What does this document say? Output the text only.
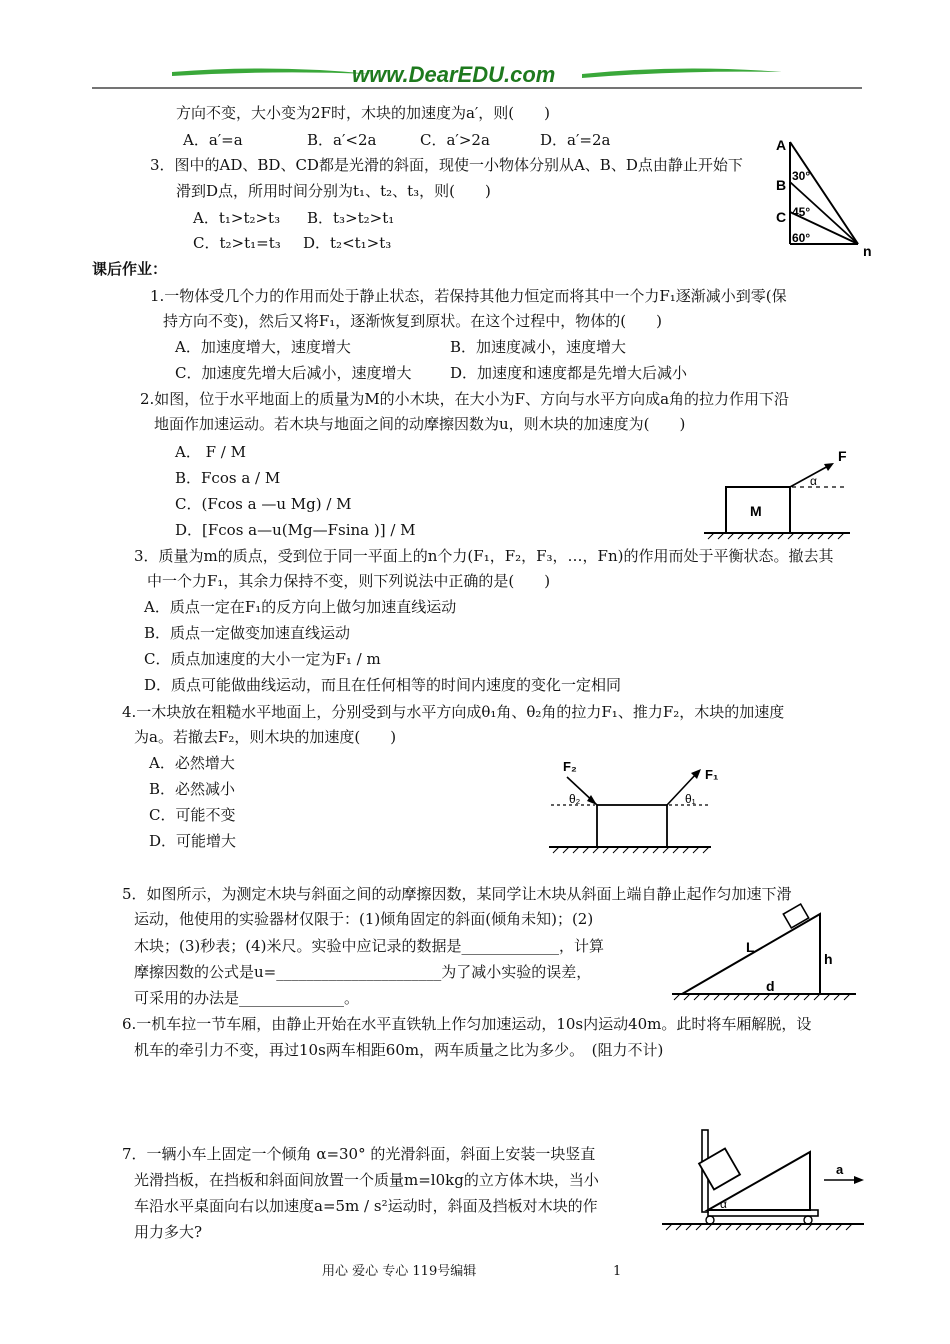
www.DearEDU.com
方向不变，大小变为2F时，木块的加速度为a′，则(　　)
A．a′=a	B．a′<2a	C．a′>2a	D．a′=2a
3．图中的AD、BD、CD都是光滑的斜面，现使一小物体分别从A、B、D点由静止开始下
滑到D点，所用时间分别为t₁、t₂、t₃，则(　　)
A．t₁>t₂>t₃ B．t₃>t₂>t₁
C．t₂>t₁=t₃ D．t₂<t₁>t₃
A
B
C
n
30°
45°
60°
课后作业：
1.一物体受几个力的作用而处于静止状态，若保持其他力恒定而将其中一个力F₁逐渐减小到零(保
持方向不变)，然后又将F₁，逐渐恢复到原状。在这个过程中，物体的(　　)
A．加速度增大，速度增大	B．加速度减小，速度增大
C．加速度先增大后减小，速度增大	D．加速度和速度都是先增大后减小
2.如图，位于水平地面上的质量为M的小木块，在大小为F、方向与水平方向成a角的拉力作用下沿
地面作加速运动。若木块与地面之间的动摩擦因数为u，则木块的加速度为(　　)
A． F / M
B．Fcos a / M
C．(Fcos a —u Mg) / M
D．[Fcos a—u(Mg—Fsina )] / M
F
α
M
3．质量为m的质点，受到位于同一平面上的n个力(F₁，F₂，F₃，…，Fn)的作用而处于平衡状态。撤去其
中一个力F₁，其余力保持不变，则下列说法中正确的是(　　)
A．质点一定在F₁的反方向上做匀加速直线运动
B．质点一定做变加速直线运动
C．质点加速度的大小一定为F₁ / m
D．质点可能做曲线运动，而且在任何相等的时间内速度的变化一定相同
4.一木块放在粗糙水平地面上，分别受到与水平方向成θ₁角、θ₂角的拉力F₁、推力F₂，木块的加速度
为a。若撤去F₂，则木块的加速度(　　)
A．必然增大
B．必然减小
C．可能不变
D．可能增大
F₁
F₂
θ₁
θ₂
5．如图所示，为测定木块与斜面之间的动摩擦因数，某同学让木块从斜面上端自静止起作匀加速下滑
运动，他使用的实验器材仅限于：(1)倾角固定的斜面(倾角未知)；(2)
木块；(3)秒表；(4)米尺。实验中应记录的数据是_____________，计算
摩擦因数的公式是u=______________________为了减小实验的误差，
可采用的办法是______________。
L
h
d
6.一机车拉一节车厢，由静止开始在水平直铁轨上作匀加速运动，10s内运动40m。此时将车厢解脱，设
机车的牵引力不变，再过10s两车相距60m，两车质量之比为多少。　(阻力不计)
7．一辆小车上固定一个倾角 α=30° 的光滑斜面，斜面上安装一块竖直
光滑挡板，在挡板和斜面间放置一个质量m=l0kg的立方体木块，当小
车沿水平桌面向右以加速度a=5m / s²运动时，斜面及挡板对木块的作
用力多大?
a
α
用心 爱心 专心 119号编辑	1
